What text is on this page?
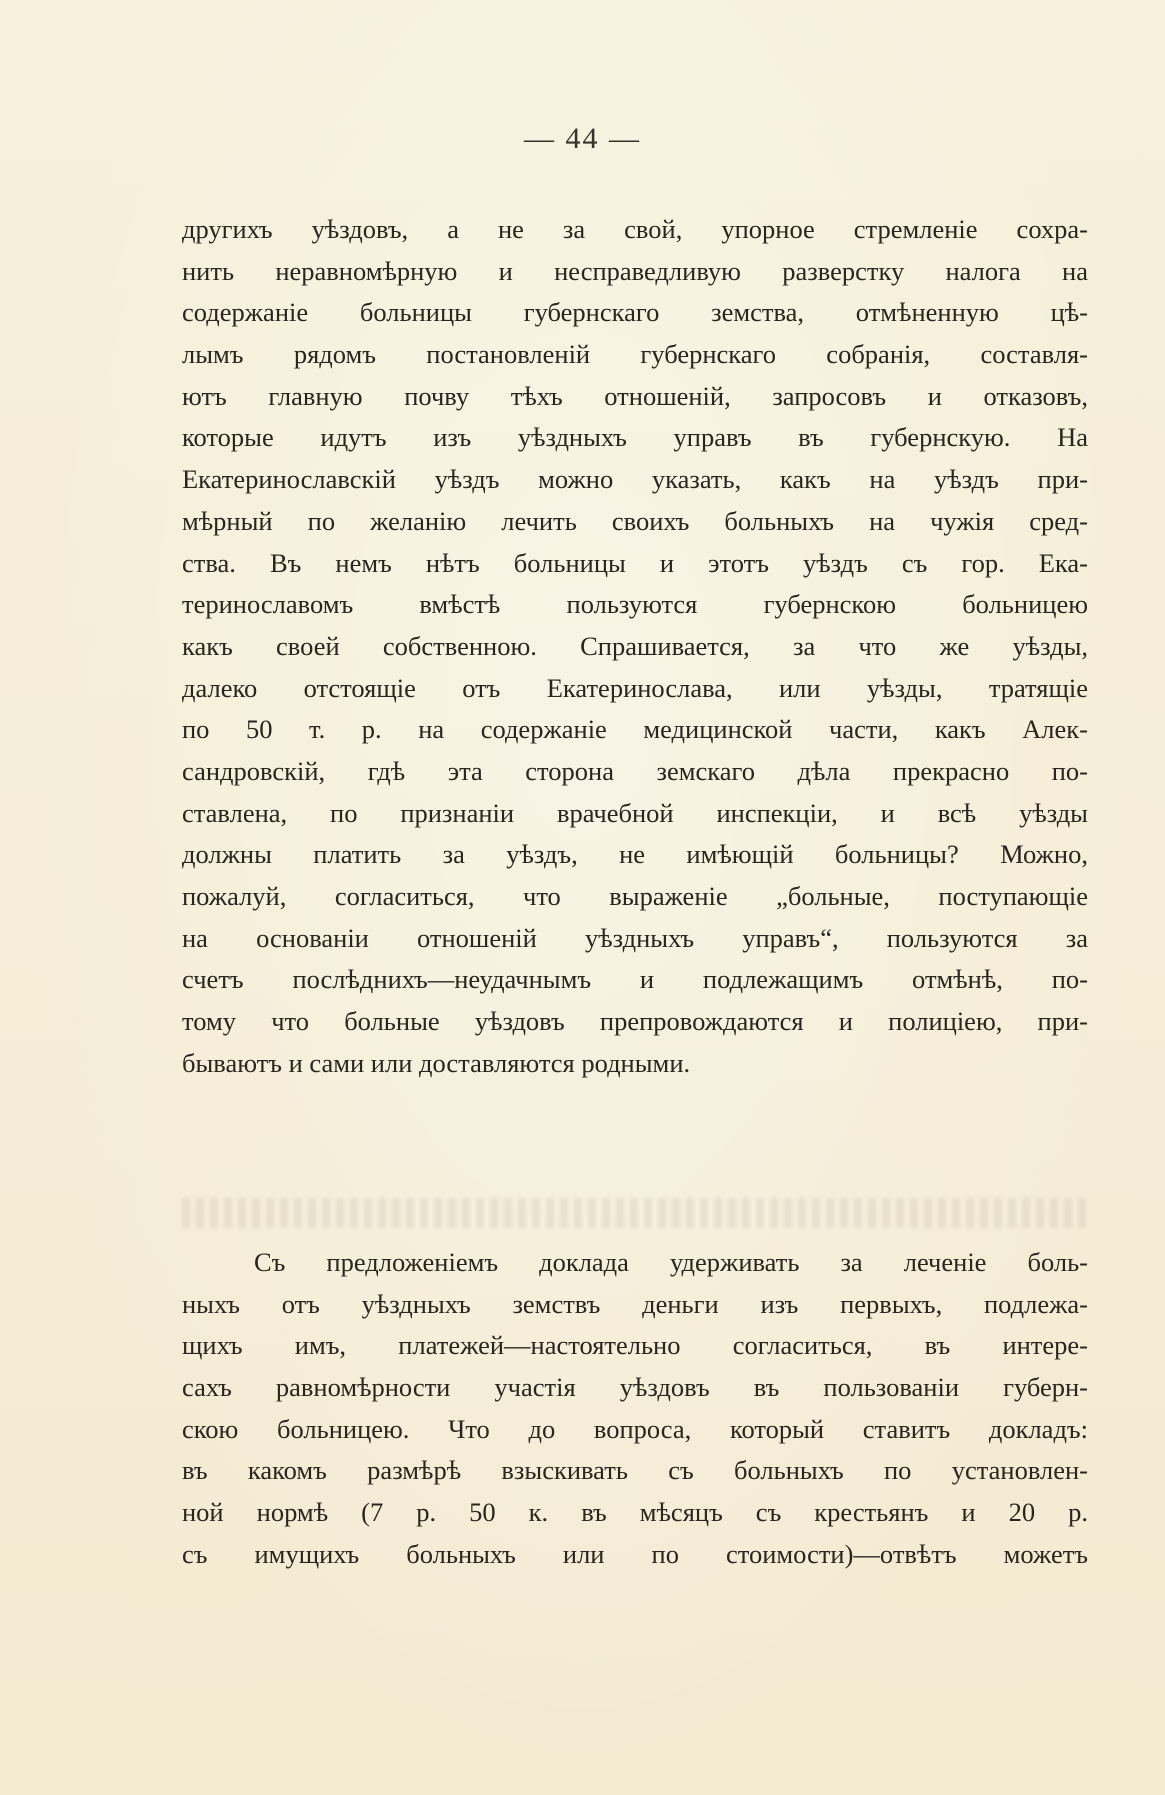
— 44 —
другихъ уѣздовъ, а не за свой, упорное стремленіе сохра-
нить неравномѣрную и несправедливую разверстку налога на
содержаніе больницы губернскаго земства, отмѣненную цѣ-
лымъ рядомъ постановленій губернскаго собранія, составля-
ютъ главную почву тѣхъ отношеній, запросовъ и отказовъ,
которые идутъ изъ уѣздныхъ управъ въ губернскую. На
Екатеринославскій уѣздъ можно указать, какъ на уѣздъ при-
мѣрный по желанію лечить своихъ больныхъ на чужія сред-
ства. Въ немъ нѣтъ больницы и этотъ уѣздъ съ гор. Ека-
теринославомъ вмѣстѣ пользуются губернскою больницею
какъ своей собственною. Спрашивается, за что же уѣзды,
далеко отстоящіе отъ Екатеринослава, или уѣзды, тратящіе
по 50 т. р. на содержаніе медицинской части, какъ Алек-
сандровскій, гдѣ эта сторона земскаго дѣла прекрасно по-
ставлена, по признаніи врачебной инспекціи, и всѣ уѣзды
должны платить за уѣздъ, не имѣющій больницы? Можно,
пожалуй, согласиться, что выраженіе „больные, поступающіе
на основаніи отношеній уѣздныхъ управъ“, пользуются за
счетъ послѣднихъ—неудачнымъ и подлежащимъ отмѣнѣ, по-
тому что больные уѣздовъ препровождаются и полиціею, при-
бываютъ и сами или доставляются родными.
Съ предложеніемъ доклада удерживать за леченіе боль-
ныхъ отъ уѣздныхъ земствъ деньги изъ первыхъ, подлежа-
щихъ имъ, платежей—настоятельно согласиться, въ интере-
сахъ равномѣрности участія уѣздовъ въ пользованіи губерн-
скою больницею. Что до вопроса, который ставитъ докладъ:
въ какомъ размѣрѣ взыскивать съ больныхъ по установлен-
ной нормѣ (7 р. 50 к. въ мѣсяцъ съ крестьянъ и 20 р.
съ имущихъ больныхъ или по стоимости)—отвѣтъ можетъ
